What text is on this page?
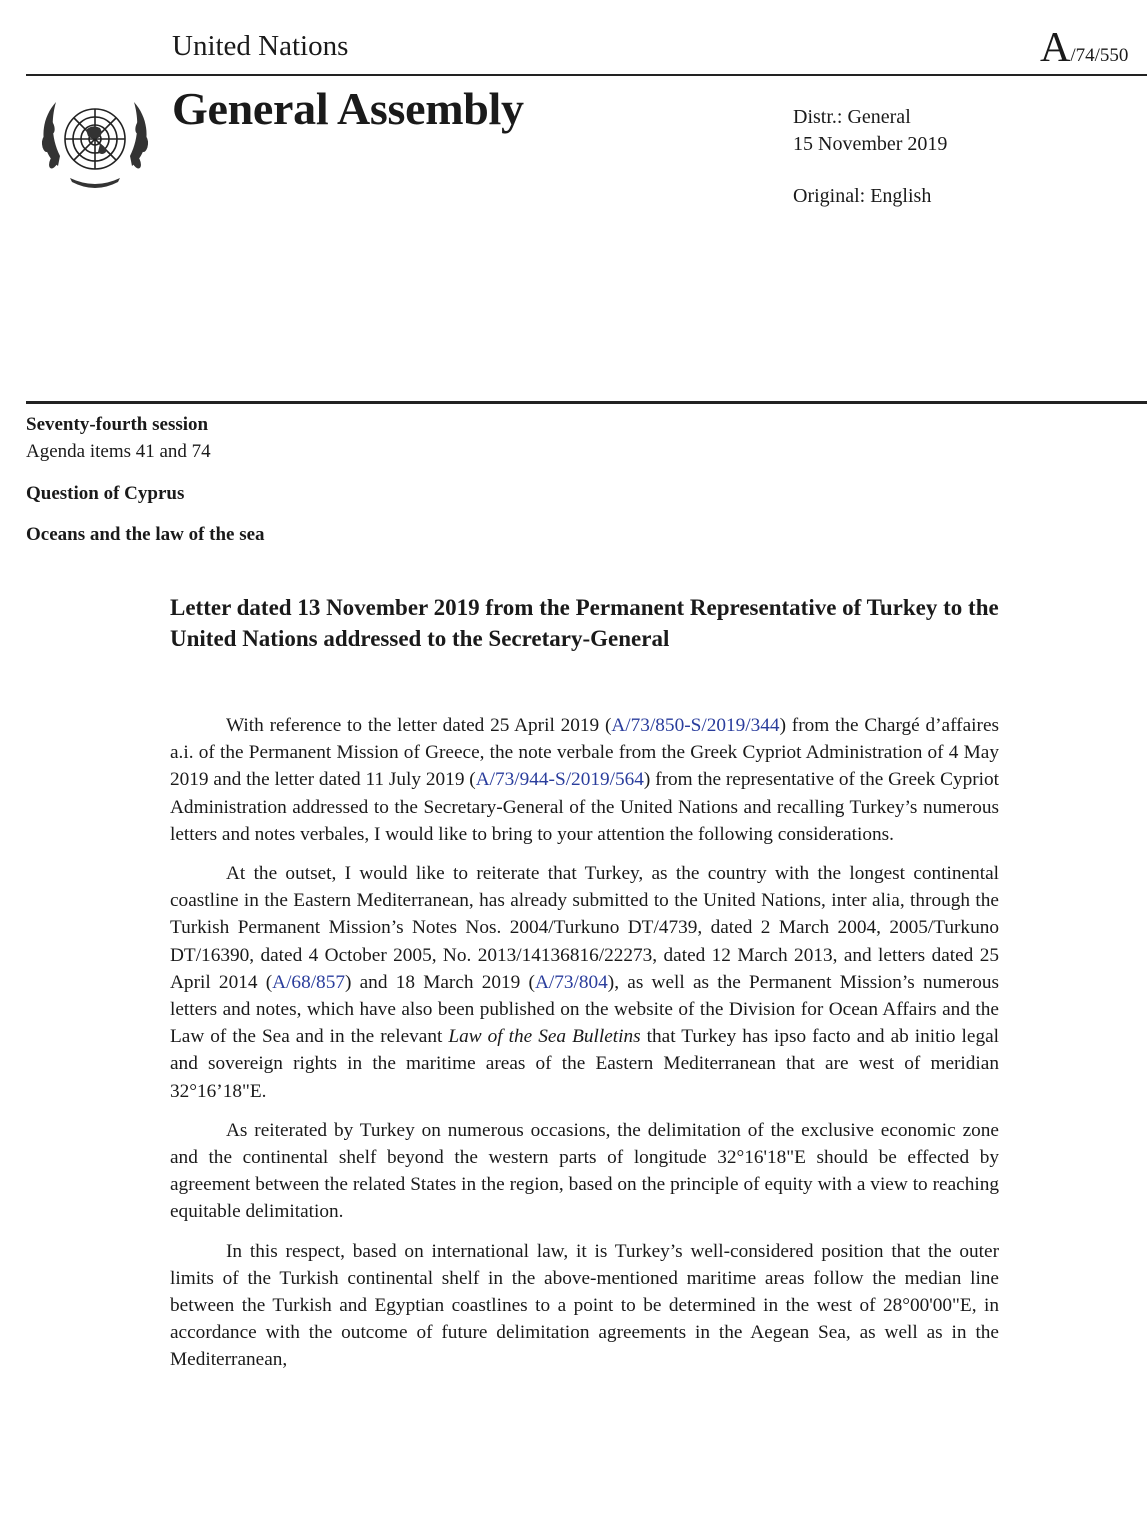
United Nations	A/74/550
General Assembly	Distr.: General
15 November 2019
Original: English
Seventy-fourth session
Agenda items 41 and 74
Question of Cyprus
Oceans and the law of the sea
Letter dated 13 November 2019 from the Permanent Representative of Turkey to the United Nations addressed to the Secretary-General

With reference to the letter dated 25 April 2019 (A/73/850-S/2019/344) from the Chargé d’affaires a.i. of the Permanent Mission of Greece, the note verbale from the Greek Cypriot Administration of 4 May 2019 and the letter dated 11 July 2019 (A/73/944-S/2019/564) from the representative of the Greek Cypriot Administration addressed to the Secretary-General of the United Nations and recalling Turkey’s numerous letters and notes verbales, I would like to bring to your attention the following considerations.

At the outset, I would like to reiterate that Turkey, as the country with the longest continental coastline in the Eastern Mediterranean, has already submitted to the United Nations, inter alia, through the Turkish Permanent Mission’s Notes Nos. 2004/Turkuno DT/4739, dated 2 March 2004, 2005/Turkuno DT/16390, dated 4 October 2005, No. 2013/14136816/22273, dated 12 March 2013, and letters dated 25 April 2014 (A/68/857) and 18 March 2019 (A/73/804), as well as the Permanent Mission’s numerous letters and notes, which have also been published on the website of the Division for Ocean Affairs and the Law of the Sea and in the relevant Law of the Sea Bulletins that Turkey has ipso facto and ab initio legal and sovereign rights in the maritime areas of the Eastern Mediterranean that are west of meridian 32°16’18"E.

As reiterated by Turkey on numerous occasions, the delimitation of the exclusive economic zone and the continental shelf beyond the western parts of longitude 32°16'18"E should be effected by agreement between the related States in the region, based on the principle of equity with a view to reaching equitable delimitation.

In this respect, based on international law, it is Turkey’s well-considered position that the outer limits of the Turkish continental shelf in the above-mentioned maritime areas follow the median line between the Turkish and Egyptian coastlines to a point to be determined in the west of 28°00'00"E, in accordance with the outcome of future delimitation agreements in the Aegean Sea, as well as in the Mediterranean,
